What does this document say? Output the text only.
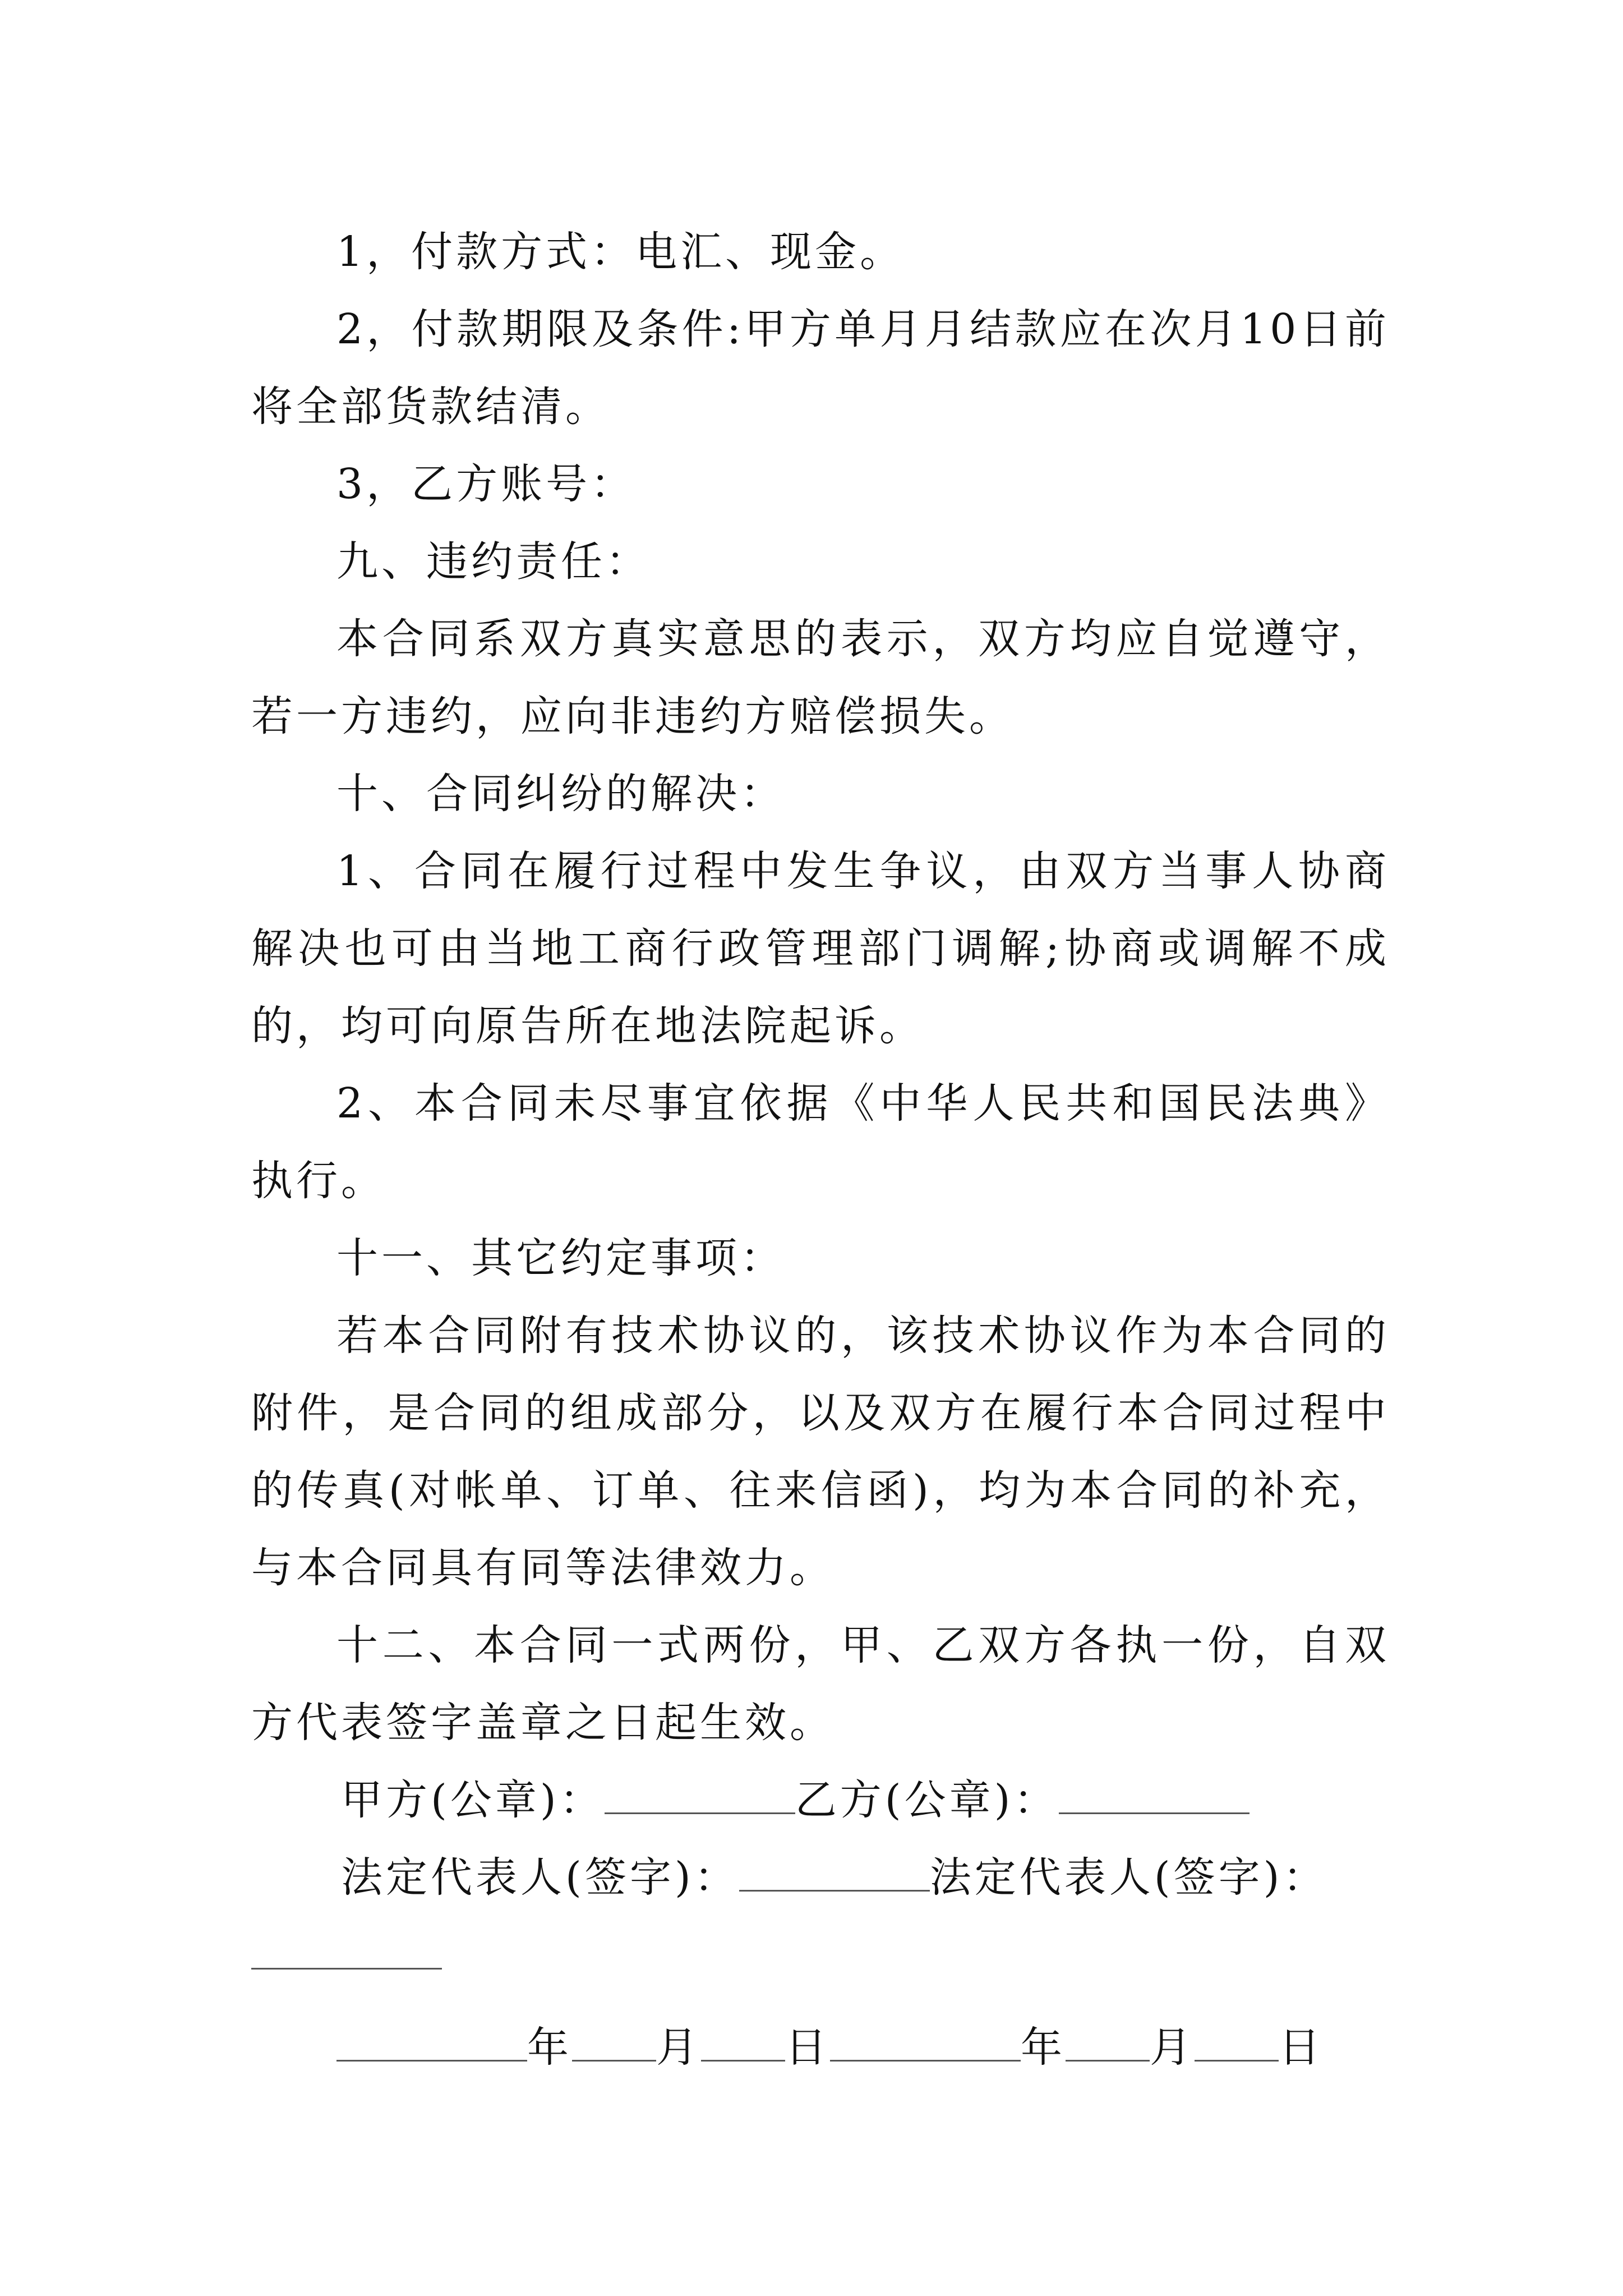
1，付款方式：电汇、现金。

2，付款期限及条件:甲方单月月结款应在次月10日前将全部货款结清。

3，乙方账号：

九、违约责任：

本合同系双方真实意思的表示，双方均应自觉遵守，若一方违约，应向非违约方赔偿损失。

十、合同纠纷的解决：

1、合同在履行过程中发生争议，由双方当事人协商解决也可由当地工商行政管理部门调解;协商或调解不成的，均可向原告所在地法院起诉。

2、本合同未尽事宜依据《中华人民共和国民法典》执行。

十一、其它约定事项：

若本合同附有技术协议的，该技术协议作为本合同的附件，是合同的组成部分，以及双方在履行本合同过程中的传真(对帐单、订单、往来信函)，均为本合同的补充，与本合同具有同等法律效力。

十二、本合同一式两份，甲、乙双方各执一份，自双方代表签字盖章之日起生效。

甲方(公章)：	乙方(公章)：

法定代表人(签字)：	法定代表人(签字)：

年 月 日	年 月 日
